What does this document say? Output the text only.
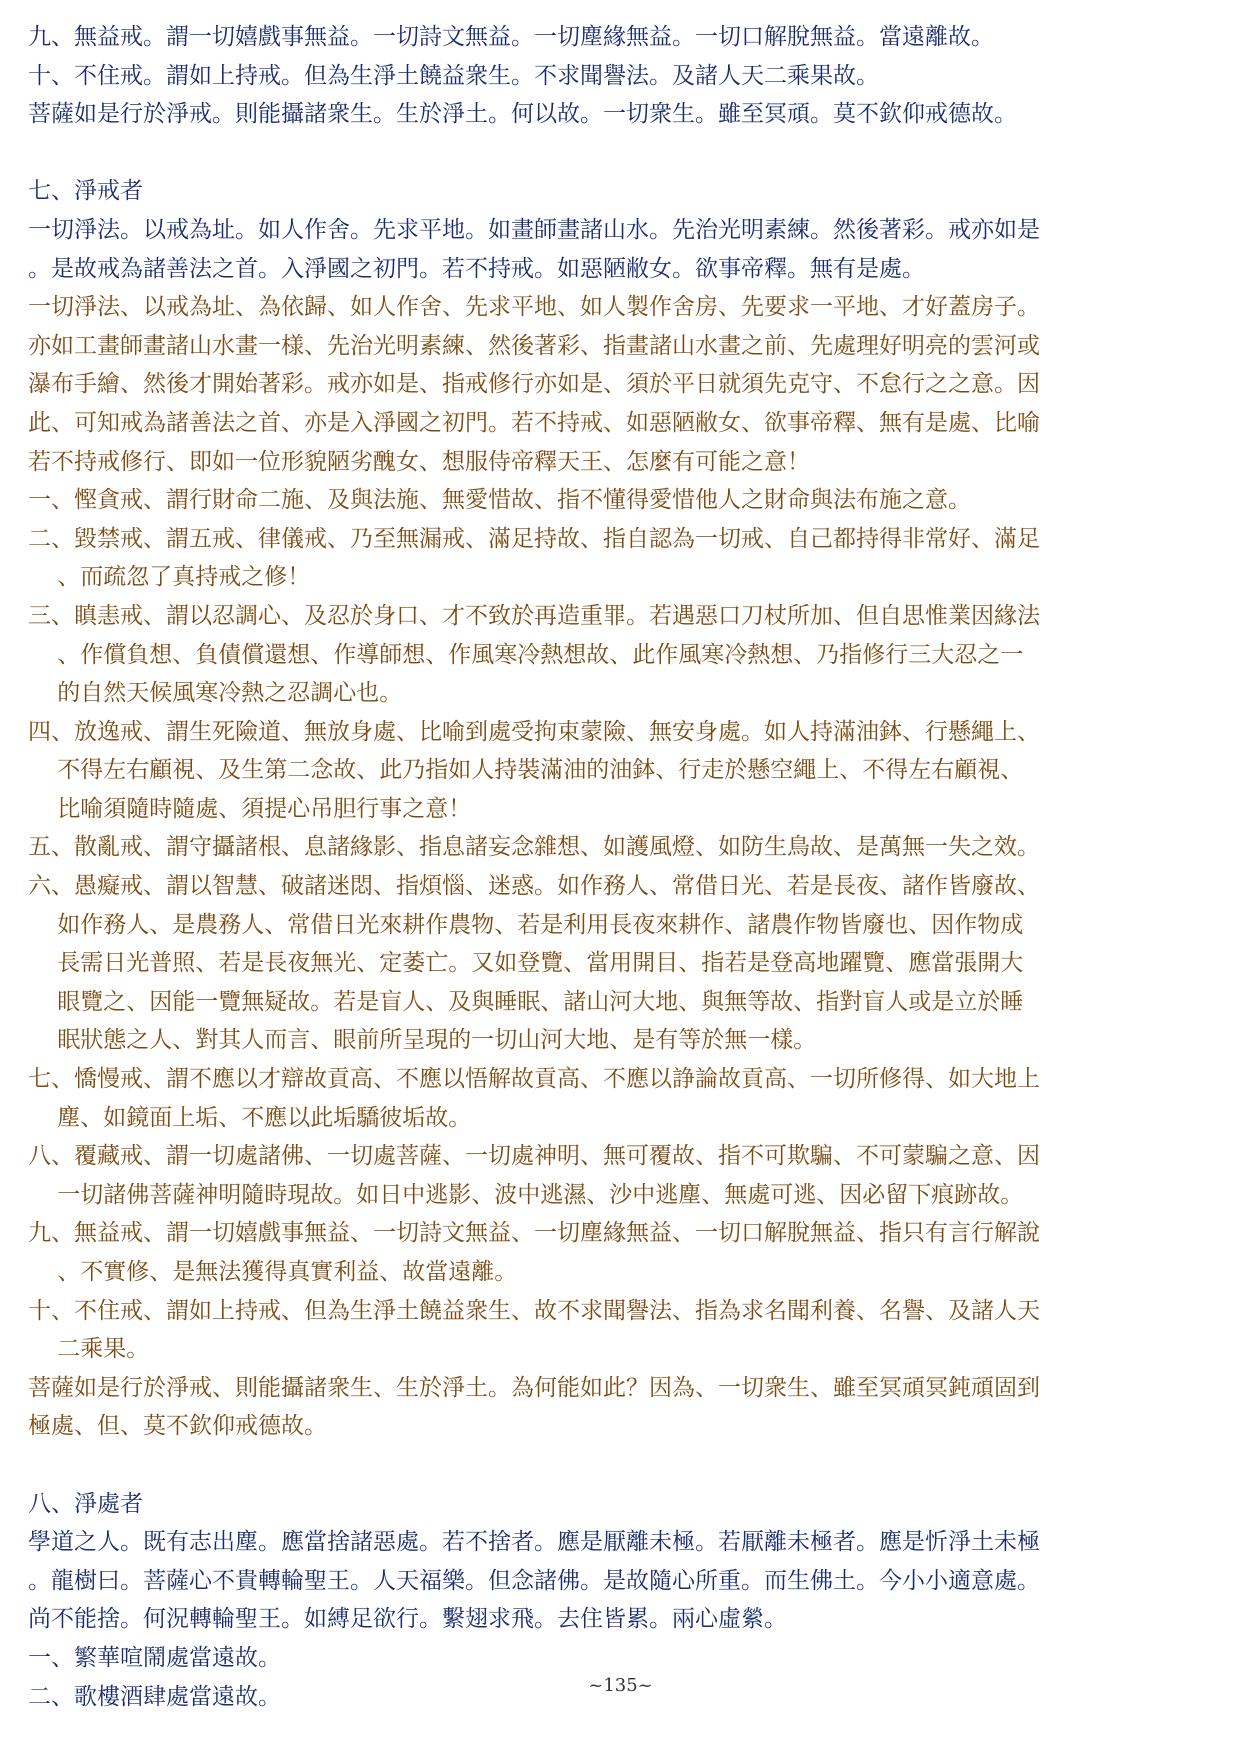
九、無益戒。謂一切嬉戲事無益。一切詩文無益。一切塵緣無益。一切口解脫無益。當遠離故。

十、不住戒。謂如上持戒。但為生淨土饒益衆生。不求聞譽法。及諸人天二乘果故。

菩薩如是行於淨戒。則能攝諸衆生。生於淨土。何以故。一切衆生。雖至冥頑。莫不欽仰戒德故。

七、淨戒者

一切淨法。以戒為址。如人作舍。先求平地。如畫師畫諸山水。先治光明素練。然後著彩。戒亦如是

。是故戒為諸善法之首。入淨國之初門。若不持戒。如惡陋敝女。欲事帝釋。無有是處。

一切淨法、以戒為址、為依歸、如人作舍、先求平地、如人製作舍房、先要求一平地、才好蓋房子。

亦如工畫師畫諸山水畫一様、先治光明素練、然後著彩、指畫諸山水畫之前、先處理好明亮的雲河或

瀑布手繪、然後才開始著彩。戒亦如是、指戒修行亦如是、須於平日就須先克守、不怠行之之意。因

此、可知戒為諸善法之首、亦是入淨國之初門。若不持戒、如惡陋敝女、欲事帝釋、無有是處、比喻

若不持戒修行、即如一位形貌陋劣醜女、想服侍帝釋天王、怎麼有可能之意！

一、慳貪戒、謂行財命二施、及與法施、無愛惜故、指不懂得愛惜他人之財命與法布施之意。

二、毀禁戒、謂五戒、律儀戒、乃至無漏戒、滿足持故、指自認為一切戒、自己都持得非常好、滿足

、而疏忽了真持戒之修！

三、瞋恚戒、謂以忍調心、及忍於身口、才不致於再造重罪。若遇惡口刀杖所加、但自思惟業因緣法

、作償負想、負債償還想、作導師想、作風寒冷熱想故、此作風寒冷熱想、乃指修行三大忍之一

的自然天候風寒冷熱之忍調心也。

四、放逸戒、謂生死險道、無放身處、比喻到處受拘束蒙險、無安身處。如人持滿油鉢、行懸繩上、

不得左右顧視、及生第二念故、此乃指如人持裝滿油的油鉢、行走於懸空繩上、不得左右顧視、

比喻須隨時隨處、須提心吊胆行事之意！

五、散亂戒、謂守攝諸根、息諸緣影、指息諸妄念雜想、如護風燈、如防生鳥故、是萬無一失之效。

六、愚癡戒、謂以智慧、破諸迷悶、指煩惱、迷惑。如作務人、常借日光、若是長夜、諸作皆廢故、

如作務人、是農務人、常借日光來耕作農物、若是利用長夜來耕作、諸農作物皆廢也、因作物成

長需日光普照、若是長夜無光、定萎亡。又如登覽、當用開目、指若是登高地躍覽、應當張開大

眼覽之、因能一覽無疑故。若是盲人、及與睡眠、諸山河大地、與無等故、指對盲人或是立於睡

眠狀態之人、對其人而言、眼前所呈現的一切山河大地、是有等於無一樣。

七、憍慢戒、謂不應以才辯故貢高、不應以悟解故貢高、不應以諍論故貢高、一切所修得、如大地上

塵、如鏡面上垢、不應以此垢驕彼垢故。

八、覆藏戒、謂一切處諸佛、一切處菩薩、一切處神明、無可覆故、指不可欺騙、不可蒙騙之意、因

一切諸佛菩薩神明隨時現故。如日中逃影、波中逃濕、沙中逃塵、無處可逃、因必留下痕跡故。

九、無益戒、謂一切嬉戲事無益、一切詩文無益、一切塵緣無益、一切口解脫無益、指只有言行解說

、不實修、是無法獲得真實利益、故當遠離。

十、不住戒、謂如上持戒、但為生淨土饒益衆生、故不求聞譽法、指為求名聞利養、名譽、及諸人天

二乘果。

菩薩如是行於淨戒、則能攝諸衆生、生於淨土。為何能如此？因為、一切衆生、雖至冥頑冥鈍頑固到

極處、但、莫不欽仰戒德故。

八、淨處者

學道之人。既有志出塵。應當捨諸惡處。若不捨者。應是厭離未極。若厭離未極者。應是忻淨土未極

。龍樹曰。菩薩心不貴轉輪聖王。人天福樂。但念諸佛。是故隨心所重。而生佛土。今小小適意處。

尚不能捨。何況轉輪聖王。如縛足欲行。繫翅求飛。去住皆累。兩心虛縈。

一、繁華喧鬧處當遠故。

二、歌樓酒肆處當遠故。	~135~
